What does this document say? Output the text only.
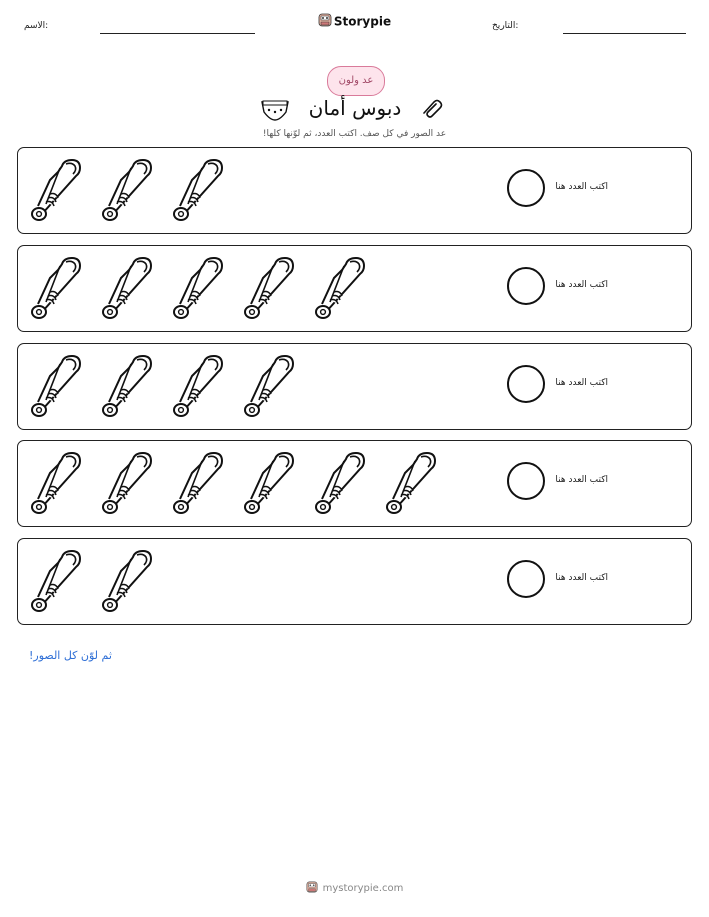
الاسم:	Storypie	التاريخ:
عد ولون
دبوس أمان
عد الصور في كل صف. اكتب العدد، ثم لوّنها كلها!
اكتب العدد هنا
اكتب العدد هنا
اكتب العدد هنا
اكتب العدد هنا
اكتب العدد هنا
ثم لوّن كل الصور!
mystorypie.com
